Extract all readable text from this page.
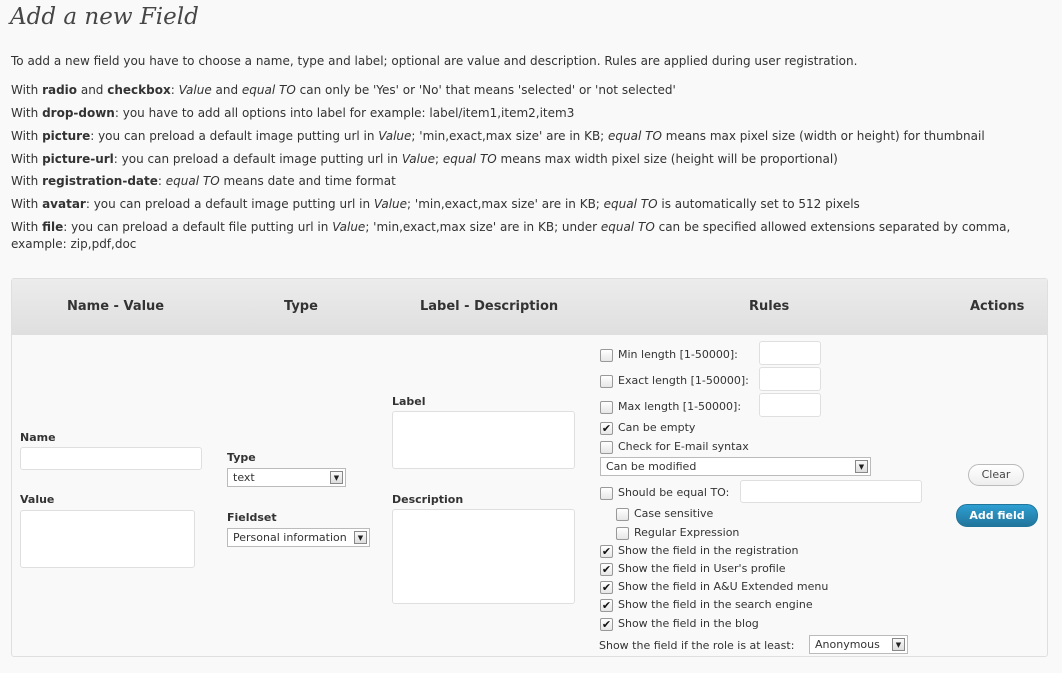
Add a new Field
To add a new field you have to choose a name, type and label; optional are value and description. Rules are applied during user registration.
With radio and checkbox: Value and equal TO can only be 'Yes' or 'No' that means 'selected' or 'not selected'
With drop-down: you have to add all options into label for example: label/item1,item2,item3
With picture: you can preload a default image putting url in Value; 'min,exact,max size' are in KB; equal TO means max pixel size (width or height) for thumbnail
With picture-url: you can preload a default image putting url in Value; equal TO means max width pixel size (height will be proportional)
With registration-date: equal TO means date and time format
With avatar: you can preload a default image putting url in Value; 'min,exact,max size' are in KB; equal TO is automatically set to 512 pixels
With file: you can preload a default file putting url in Value; 'min,exact,max size' are in KB; under equal TO can be specified allowed extensions separated by comma, example: zip,pdf,doc
Name - Value	Type	Label - Description	Rules	Actions
Name
Value
Type
text	▼
Fieldset
Personal information	▼
Label
Description
Min length [1-50000]:
Exact length [1-50000]:
Max length [1-50000]:
✔ Can be empty
Check for E-mail syntax
Can be modified	▼
Should be equal TO:
Case sensitive
Regular Expression
✔ Show the field in the registration
✔ Show the field in User's profile
✔ Show the field in A&U Extended menu
✔ Show the field in the search engine
✔ Show the field in the blog
Show the field if the role is at least:	Anonymous	▼
Clear
Add field
